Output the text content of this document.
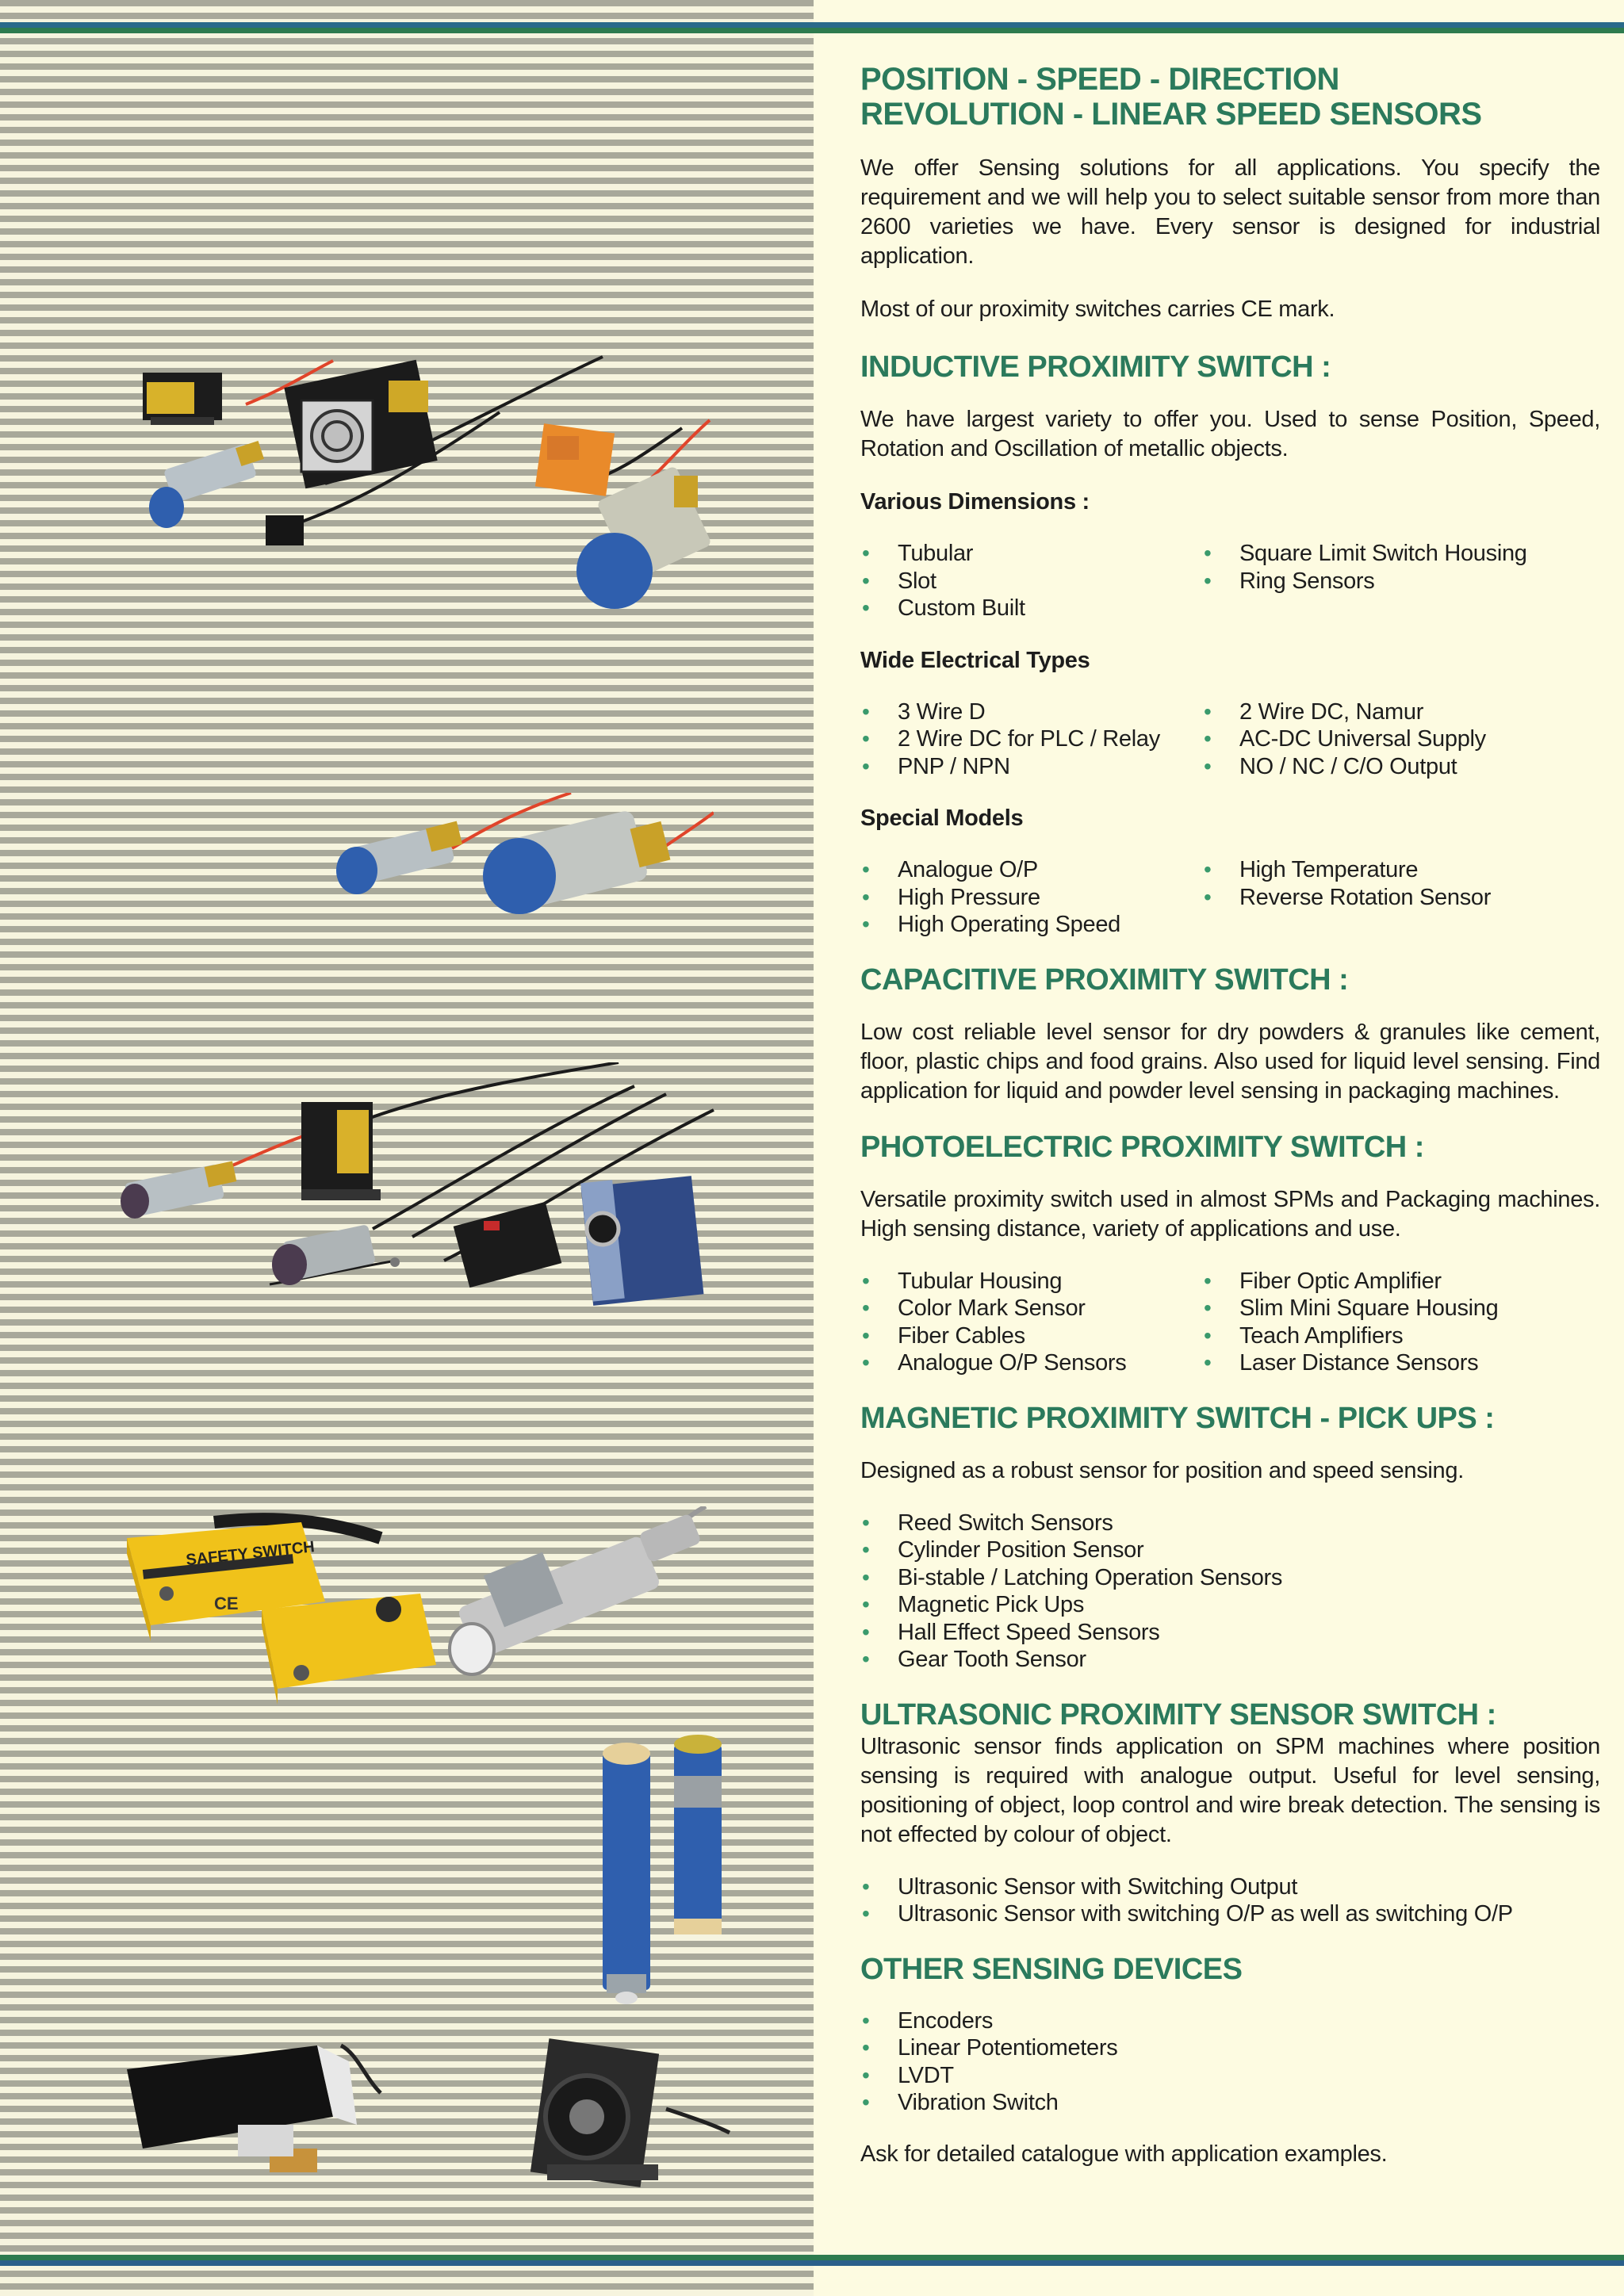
SAFETY SWITCH
CE
POSITION - SPEED - DIRECTION
REVOLUTION - LINEAR SPEED SENSORS

We offer Sensing solutions for all applications. You specify the requirement and we will help you to select suitable sensor from more than 2600 varieties we have. Every sensor is designed for industrial application.

Most of our proximity switches carries CE mark.

INDUCTIVE PROXIMITY SWITCH :

We have largest variety to offer you. Used to sense Position, Speed, Rotation and Oscillation of metallic objects.

Various Dimensions :
• Tubular
• Slot
• Custom Built
• Square Limit Switch Housing
• Ring Sensors
Wide Electrical Types
• 3 Wire D
• 2 Wire DC for PLC / Relay
• PNP / NPN
• 2 Wire DC, Namur
• AC-DC Universal Supply
• NO / NC / C/O Output
Special Models
• Analogue O/P
• High Pressure
• High Operating Speed
• High Temperature
• Reverse Rotation Sensor
CAPACITIVE PROXIMITY SWITCH :

Low cost reliable level sensor for dry powders & granules like cement, floor, plastic chips and food grains. Also used for liquid level sensing. Find application for liquid and powder level sensing in packaging machines.

PHOTOELECTRIC PROXIMITY SWITCH :

Versatile proximity switch used in almost SPMs and Packaging machines. High sensing distance, variety of applications and use.

• Tubular Housing
• Color Mark Sensor
• Fiber Cables
• Analogue O/P Sensors
• Fiber Optic Amplifier
• Slim Mini Square Housing
• Teach Amplifiers
• Laser Distance Sensors
MAGNETIC PROXIMITY SWITCH - PICK UPS :

Designed as a robust sensor for position and speed sensing.

• Reed Switch Sensors
• Cylinder Position Sensor
• Bi-stable / Latching Operation Sensors
• Magnetic Pick Ups
• Hall Effect Speed Sensors
• Gear Tooth Sensor
ULTRASONIC PROXIMITY SENSOR SWITCH :

Ultrasonic sensor finds application on SPM machines where position sensing is required with analogue output. Useful for level sensing, positioning of object, loop control and wire break detection. The sensing is not effected by colour of object.

• Ultrasonic Sensor with Switching Output
• Ultrasonic Sensor with switching O/P as well as switching O/P
OTHER SENSING DEVICES
• Encoders
• Linear Potentiometers
• LVDT
• Vibration Switch

Ask for detailed catalogue with application examples.
